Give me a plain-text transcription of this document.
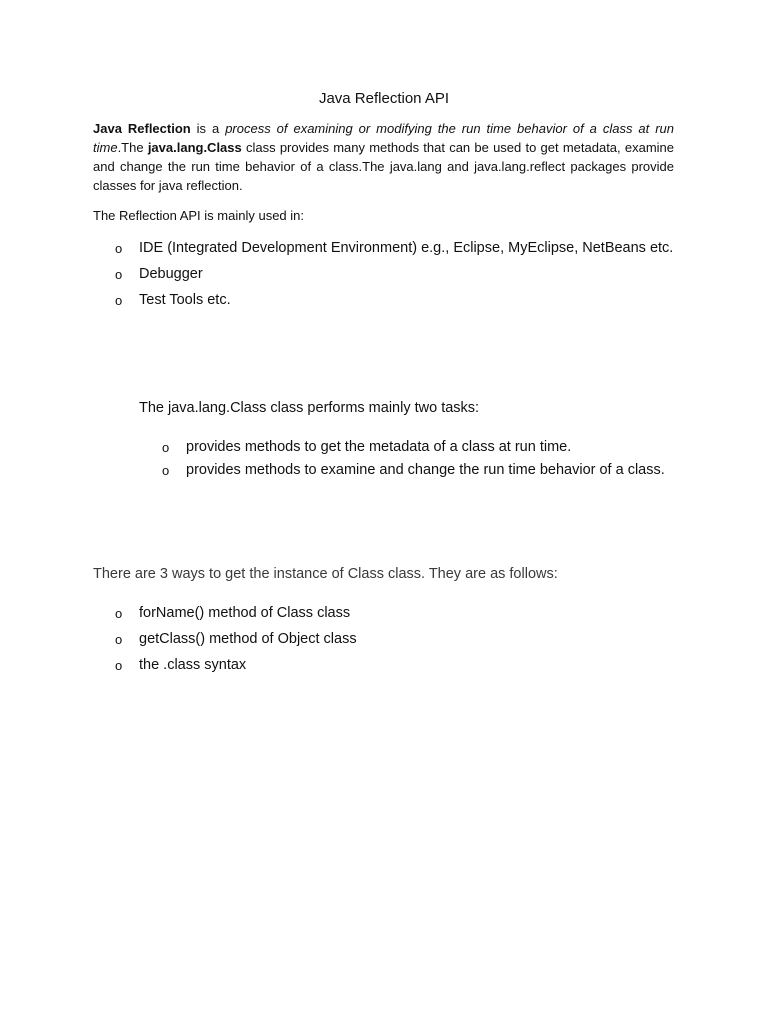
Java Reflection API

Java Reflection is a process of examining or modifying the run time behavior of a class at run time.The java.lang.Class class provides many methods that can be used to get metadata, examine and change the run time behavior of a class.The java.lang and java.lang.reflect packages provide classes for java reflection.

The Reflection API is mainly used in:

o IDE (Integrated Development Environment) e.g., Eclipse, MyEclipse, NetBeans etc.
o Debugger
o Test Tools etc.

The java.lang.Class class performs mainly two tasks:

o provides methods to get the metadata of a class at run time.
o provides methods to examine and change the run time behavior of a class.

There are 3 ways to get the instance of Class class. They are as follows:

o forName() method of Class class
o getClass() method of Object class
o the .class syntax
